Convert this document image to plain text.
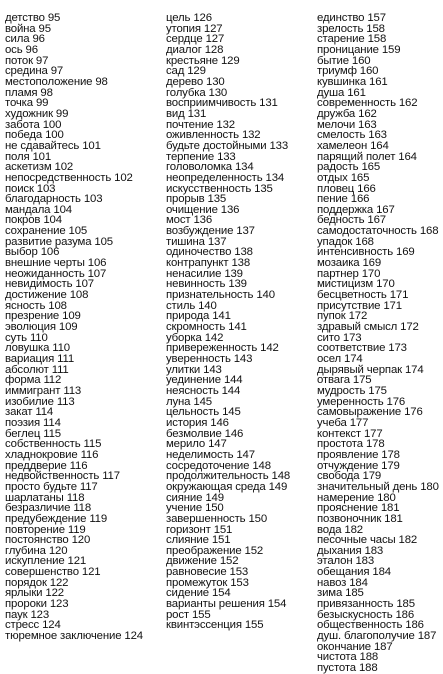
детство 95
война 95
сила 96
ось 96
поток 97
средина 97
местоположение 98
пламя 98
точка 99
художник 99
забота 100
победа 100
не сдавайтесь 101
поля 101
аскетизм 102
непосредственность 102
поиск 103
благодарность 103
мандала 104
покров 104
сохранение 105
развитие разума 105
выбор 106
внешние черты 106
неожиданность 107
невидимость 107
достижение 108
ясность 108
презрение 109
эволюция 109
суть 110
ловушка 110
вариация 111
абсолют 111
форма 112
иммигрант 113
изобилие 113
закат 114
поэзия 114
беглец 115
собственность 115
хладнокровие 116
преддверие 116
недвойственность 117
просто будьте 117
шарлатаны 118
безразличие 118
предубеждение 119
повторение 119
постоянство 120
глубина 120
искупление 121
совершенство 121
порядок 122
ярлыки 122
пророки 123
паук 123
стресс 124
тюремное заключение 124
цель 126
утопия 127
сердце 127
диалог 128
крестьяне 129
сад 129
дерево 130
голубка 130
восприимчивость 131
вид 131
почтение 132
оживленность 132
будьте достойными 133
терпение 133
головоломка 134
неопределенность 134
искусственность 135
прорыв 135
очищение 136
мост 136
возбуждение 137
тишина 137
одиночество 138
контрапункт 138
ненасилие 139
невинность 139
признательность 140
стиль 140
природа 141
скромность 141
уборка 142
привереженность 142
уверенность 143
улитки 143
уединение 144
неясность 144
луна 145
цельность 145
история 146
безмолвие 146
мерило 147
неделимость 147
сосредоточение 148
продолжительность 148
окружающая среда 149
сияние 149
учение 150
завершенность 150
горизонт 151
слияние 151
преображение 152
движение 152
равновесие 153
промежуток 153
сидение 154
варианты решения 154
рост 155
квинтэссенция 155
единство 157
зрелость 158
старение 158
проницание 159
бытие 160
триумф 160
кувшинка 161
душа 161
современность 162
дружба 162
мелочи 163
смелость 163
хамелеон 164
парящий полет 164
радость 165
отдых 165
пловец 166
пение 166
поддержка 167
бедность 167
самодостаточность 168
упадок 168
интенсивность 169
мозаика 169
партнер 170
мистицизм 170
бесцветность 171
присутствие 171
пупок 172
здравый смысл 172
сито 173
соответствие 173
осел 174
дырявый черпак 174
отвага 175
мудрость 175
умеренность 176
самовыражение 176
учеба 177
контекст 177
простота 178
проявление 178
отчуждение 179
свобода 179
значительный день 180
намерение 180
прояснение 181
позвоночник 181
вода 182
песочные часы 182
дыхания 183
эталон 183
обещания 184
навоз 184
зима 185
привязанность 185
безыскусность 186
общественность 186
душ. благополучие 187
окончание 187
чистота 188
пустота 188
